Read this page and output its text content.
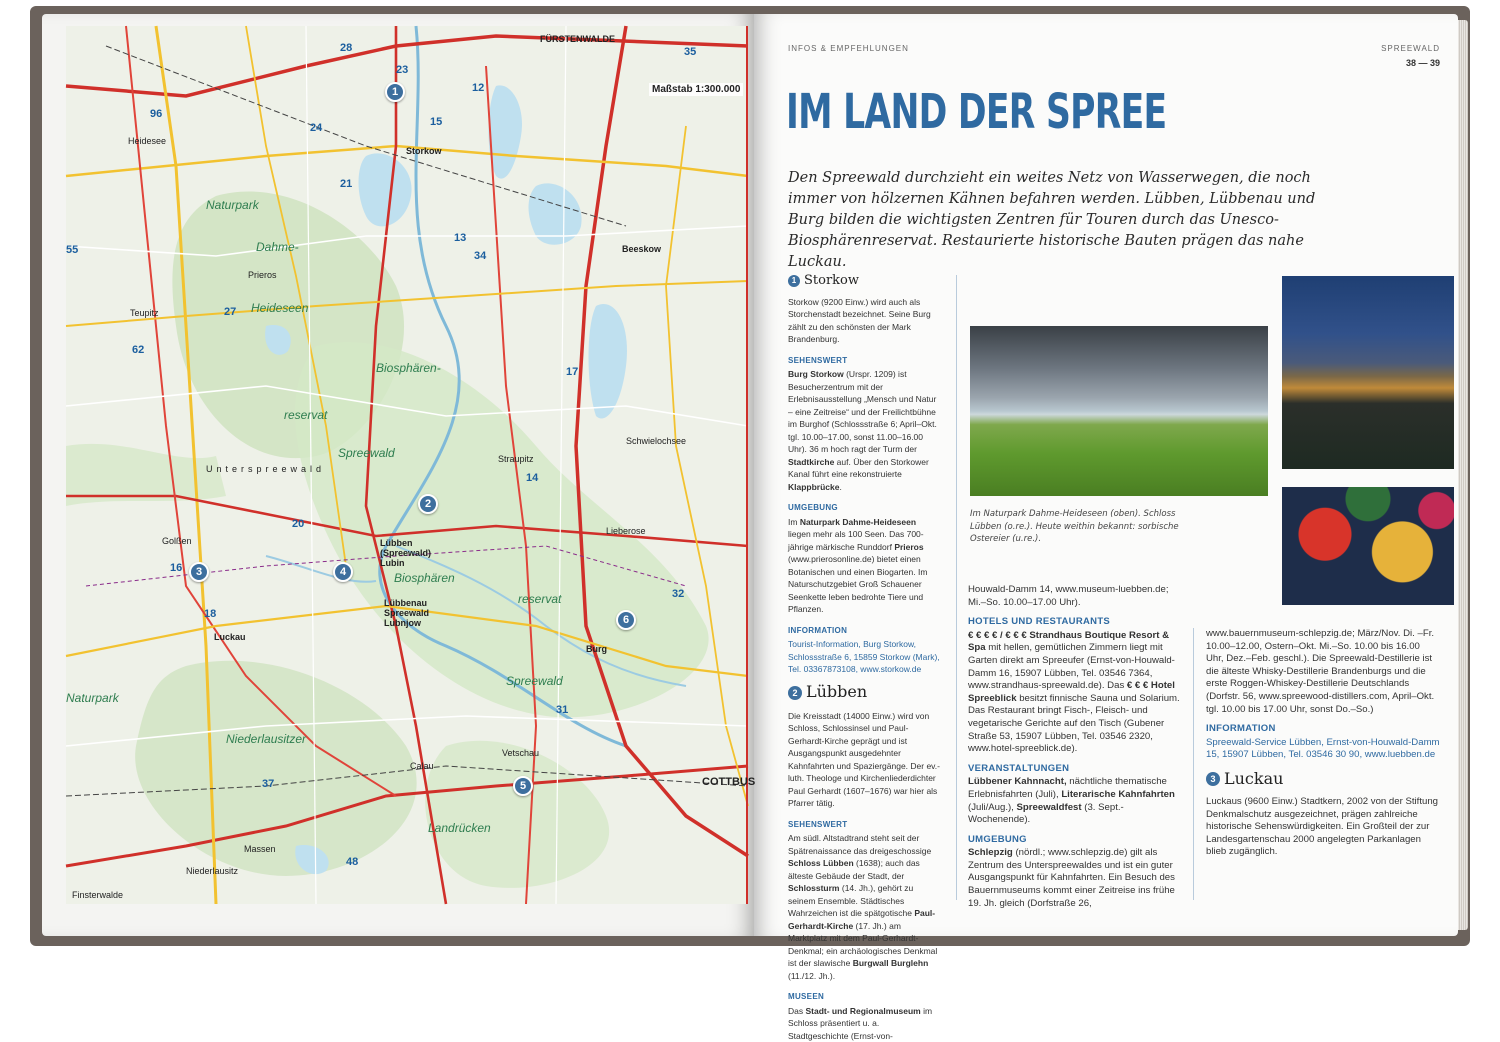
Naturpark
Dahme-
Heideseen
Biosphären-
reservat
Spreewald
Biosphären
reservat
Spreewald
Niederlausitzer
Landrücken
Naturpark
Storkow
FÜRSTENWALDE
Lübben (Spreewald) Lubin
Lübbenau Spreewald Lubnjow
Luckau
COTTBUS
Beeskow
Vetschau
Heidesee
Schwielochsee
Niederlausitz
Massen
Finsterwalde
Prieros
Unterspreewald
Burg
Calau
Golßen
Straupitz
Lieberose
Teupitz
28
23
35
12
15
20
18
14
16
21
27
62
55
96
37
48
31
32
13
34
24
17
Maßstab 1:300.000
1
2
3	4
5
6
INFOS & EMPFEHLUNGEN	SPREEWALD
38 — 39
IM LAND DER SPREE
Den Spreewald durchzieht ein weites Netz von Wasserwegen, die noch immer von hölzernen Kähnen befahren werden. Lübben, Lübbenau und Burg bilden die wichtigsten Zentren für Touren durch das Unesco-Biosphärenreservat. Restaurierte historische Bauten prägen das nahe Luckau.
1 Storkow

Storkow (9200 Einw.) wird auch als Storchenstadt bezeichnet. Seine Burg zählt zu den schönsten der Mark Brandenburg.

SEHENSWERT

Burg Storkow (Urspr. 1209) ist Besucherzentrum mit der Erlebnisausstellung „Mensch und Natur – eine Zeitreise“ und der Freilichtbühne im Burghof (Schlossstraße 6; April–Okt. tgl. 10.00–17.00, sonst 11.00–16.00 Uhr). 36 m hoch ragt der Turm der Stadtkirche auf. Über den Storkower Kanal führt eine rekonstruierte Klappbrücke.

UMGEBUNG

Im Naturpark Dahme-Heideseen liegen mehr als 100 Seen. Das 700-jährige märkische Runddorf Prieros (www.prierosonline.de) bietet einen Botanischen und einen Biogarten. Im Naturschutzgebiet Groß Schauener Seenkette leben bedrohte Tiere und Pflanzen.

INFORMATION

Tourist-Information, Burg Storkow, Schlossstraße 6, 15859 Storkow (Mark), Tel. 03367873108, www.storkow.de

2 Lübben

Die Kreisstadt (14000 Einw.) wird von Schloss, Schlossinsel und Paul-Gerhardt-Kirche geprägt und ist Ausgangspunkt ausgedehnter Kahnfahrten und Spaziergänge. Der ev.-luth. Theologe und Kirchenliederdichter Paul Gerhardt (1607–1676) war hier als Pfarrer tätig.

SEHENSWERT

Am südl. Altstadtrand steht seit der Spätrenaissance das dreigeschossige Schloss Lübben (1638); auch das älteste Gebäude der Stadt, der Schlossturm (14. Jh.), gehört zu seinem Ensemble. Städtisches Wahrzeichen ist die spätgotische Paul-Gerhardt-Kirche (17. Jh.) am Marktplatz mit dem Paul-Gerhardt-Denkmal; ein archäologisches Denkmal ist der slawische Burgwall Burglehn (11./12. Jh.).

MUSEEN

Das Stadt- und Regionalmuseum im Schloss präsentiert u. a. Stadtgeschichte (Ernst-von-

Im Naturpark Dahme-Heideseen (oben). Schloss Lübben (o.re.). Heute weithin bekannt: sorbische Ostereier (u.re.).

Houwald-Damm 14, www.museum-luebben.de; Mi.–So. 10.00–17.00 Uhr).

HOTELS UND RESTAURANTS

€ € € € / € € € Strandhaus Boutique Resort & Spa mit hellen, gemütlichen Zimmern liegt mit Garten direkt am Spreeufer (Ernst-von-Houwald-Damm 16, 15907 Lübben, Tel. 03546 7364, www.strandhaus-spreewald.de). Das € € € Hotel Spreeblick besitzt finnische Sauna und Solarium. Das Restaurant bringt Fisch-, Fleisch- und vegetarische Gerichte auf den Tisch (Gubener Straße 53, 15907 Lübben, Tel. 03546 2320, www.hotel-spreeblick.de).

VERANSTALTUNGEN

Lübbener Kahnnacht, nächtliche thematische Erlebnisfahrten (Juli), Literarische Kahnfahrten (Juli/Aug.), Spreewaldfest (3. Sept.-Wochenende).

UMGEBUNG

Schlepzig (nördl.; www.schlepzig.de) gilt als Zentrum des Unterspreewaldes und ist ein guter Ausgangspunkt für Kahnfahrten. Ein Besuch des Bauernmuseums kommt einer Zeitreise ins frühe 19. Jh. gleich (Dorfstraße 26,

www.bauernmuseum-schlepzig.de; März/Nov. Di. –Fr. 10.00–12.00, Ostern–Okt. Mi.–So. 10.00 bis 16.00 Uhr, Dez.–Feb. geschl.). Die Spreewald-Destillerie ist die älteste Whisky-Destillerie Brandenburgs und die erste Roggen-Whiskey-Destillerie Deutschlands (Dorfstr. 56, www.spreewood-distillers.com, April–Okt. tgl. 10.00 bis 17.00 Uhr, sonst Do.–So.)

INFORMATION

Spreewald-Service Lübben, Ernst-von-Houwald-Damm 15, 15907 Lübben, Tel. 03546 30 90, www.luebben.de

3 Luckau

Luckaus (9600 Einw.) Stadtkern, 2002 von der Stiftung Denkmalschutz ausgezeichnet, prägen zahlreiche historische Sehenswürdigkeiten. Ein Großteil der zur Landesgartenschau 2000 angelegten Parkanlagen blieb zugänglich.
